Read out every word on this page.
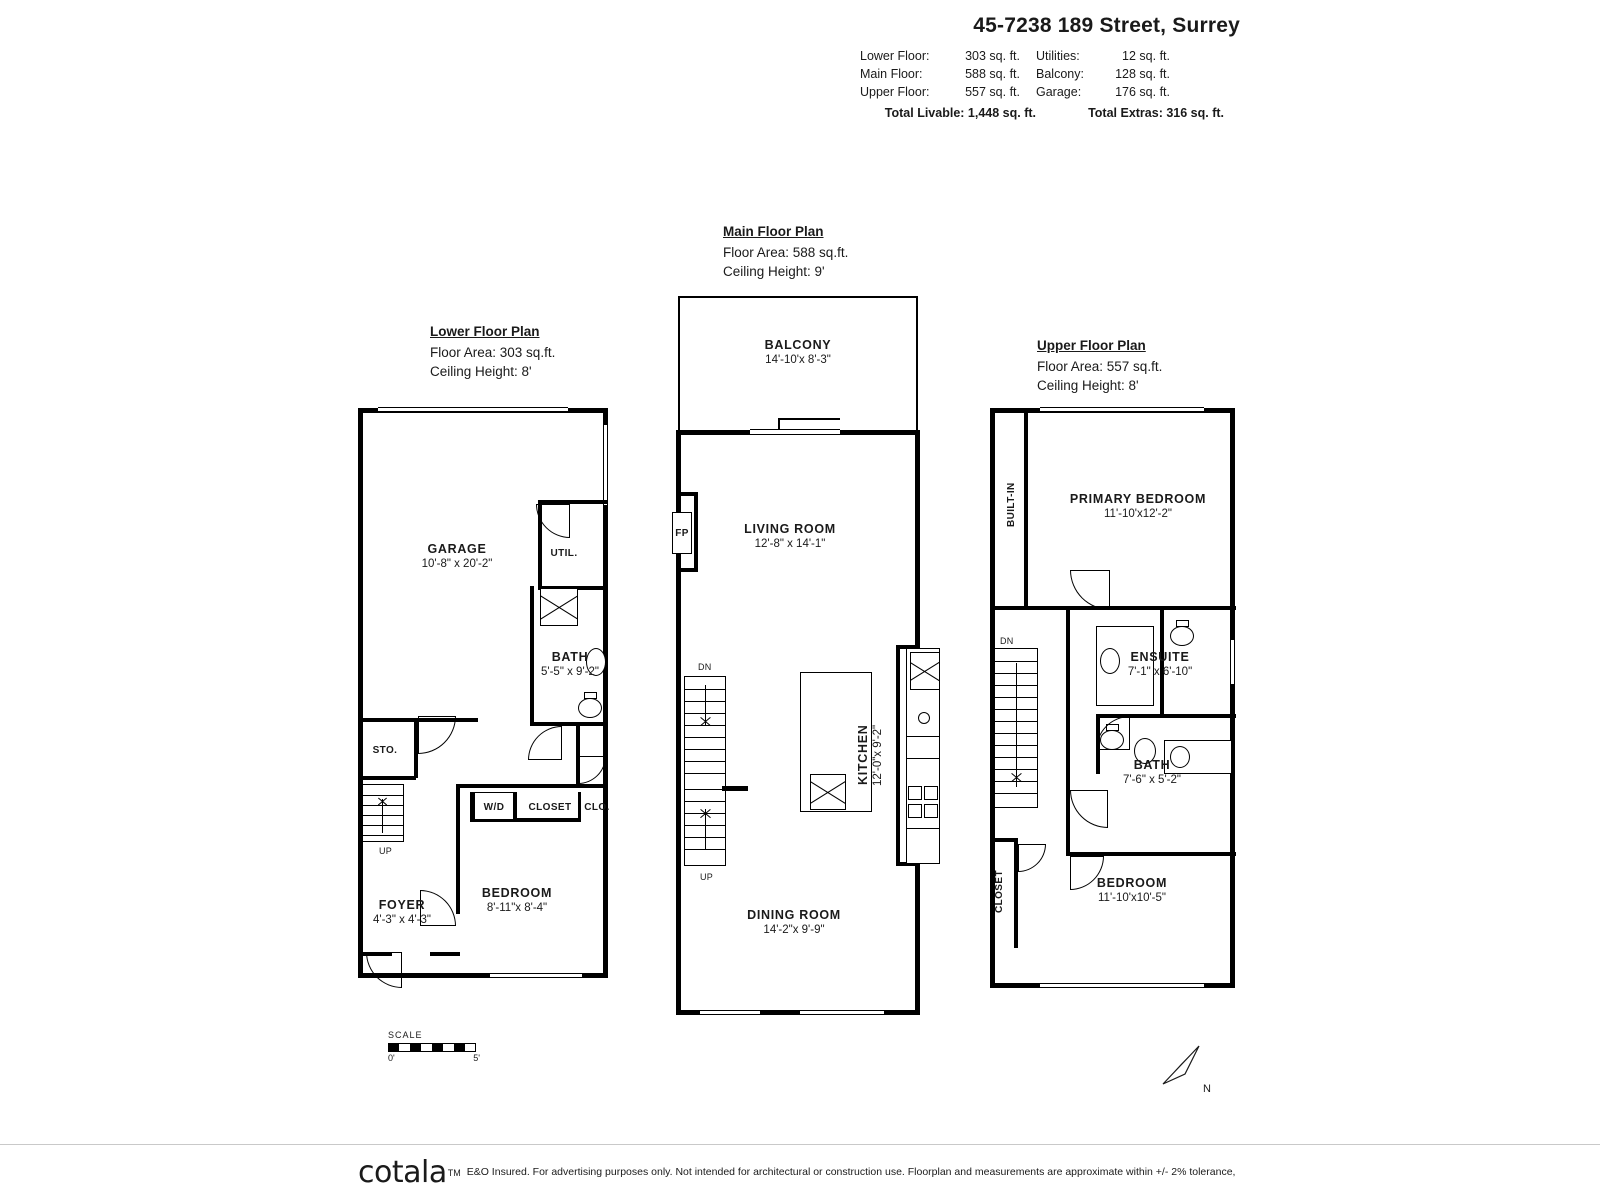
45-7238 189 Street, Surrey
Lower Floor:	303 sq. ft. Utilities:	12 sq. ft.
Main Floor:	588 sq. ft. Balcony:	128 sq. ft.
Upper Floor:	557 sq. ft. Garage:	176 sq. ft.
Total Livable: 1,448 sq. ft.	Total Extras: 316 sq. ft.
Lower Floor Plan
Floor Area: 303 sq.ft.
Ceiling Height: 8'
Main Floor Plan
Floor Area: 588 sq.ft.
Ceiling Height: 9'
Upper Floor Plan
Floor Area: 557 sq.ft.
Ceiling Height: 8'
UP
GARAGE
10'-8" x 20'-2"
UTIL.
BATH
5'-5" x 9'-2"
STO.
W/D	CLOSET	CLO.
BEDROOM
8'-11"x 8'-4"
FOYER
4'-3" x 4'-3"
FP
DN
UP
BALCONY
14'-10'x 8'-3"
LIVING ROOM
12'-8" x 14'-1"
KITCHEN 12'-0"x 9'-2"
DINING ROOM
14'-2"x 9'-9"
BUILT-IN
DN
PRIMARY BEDROOM
11'-10'x12'-2"
ENSUITE
7'-1" x 6'-10"
BATH
7'-6" x 5'-2"
CLOSET	BEDROOM
11'-10'x10'-5"
SCALE
0'	5'
N
cotala TM E&O Insured. For advertising purposes only. Not intended for architectural or construction use. Floorplan and measurements are approximate within +/- 2% tolerance,
